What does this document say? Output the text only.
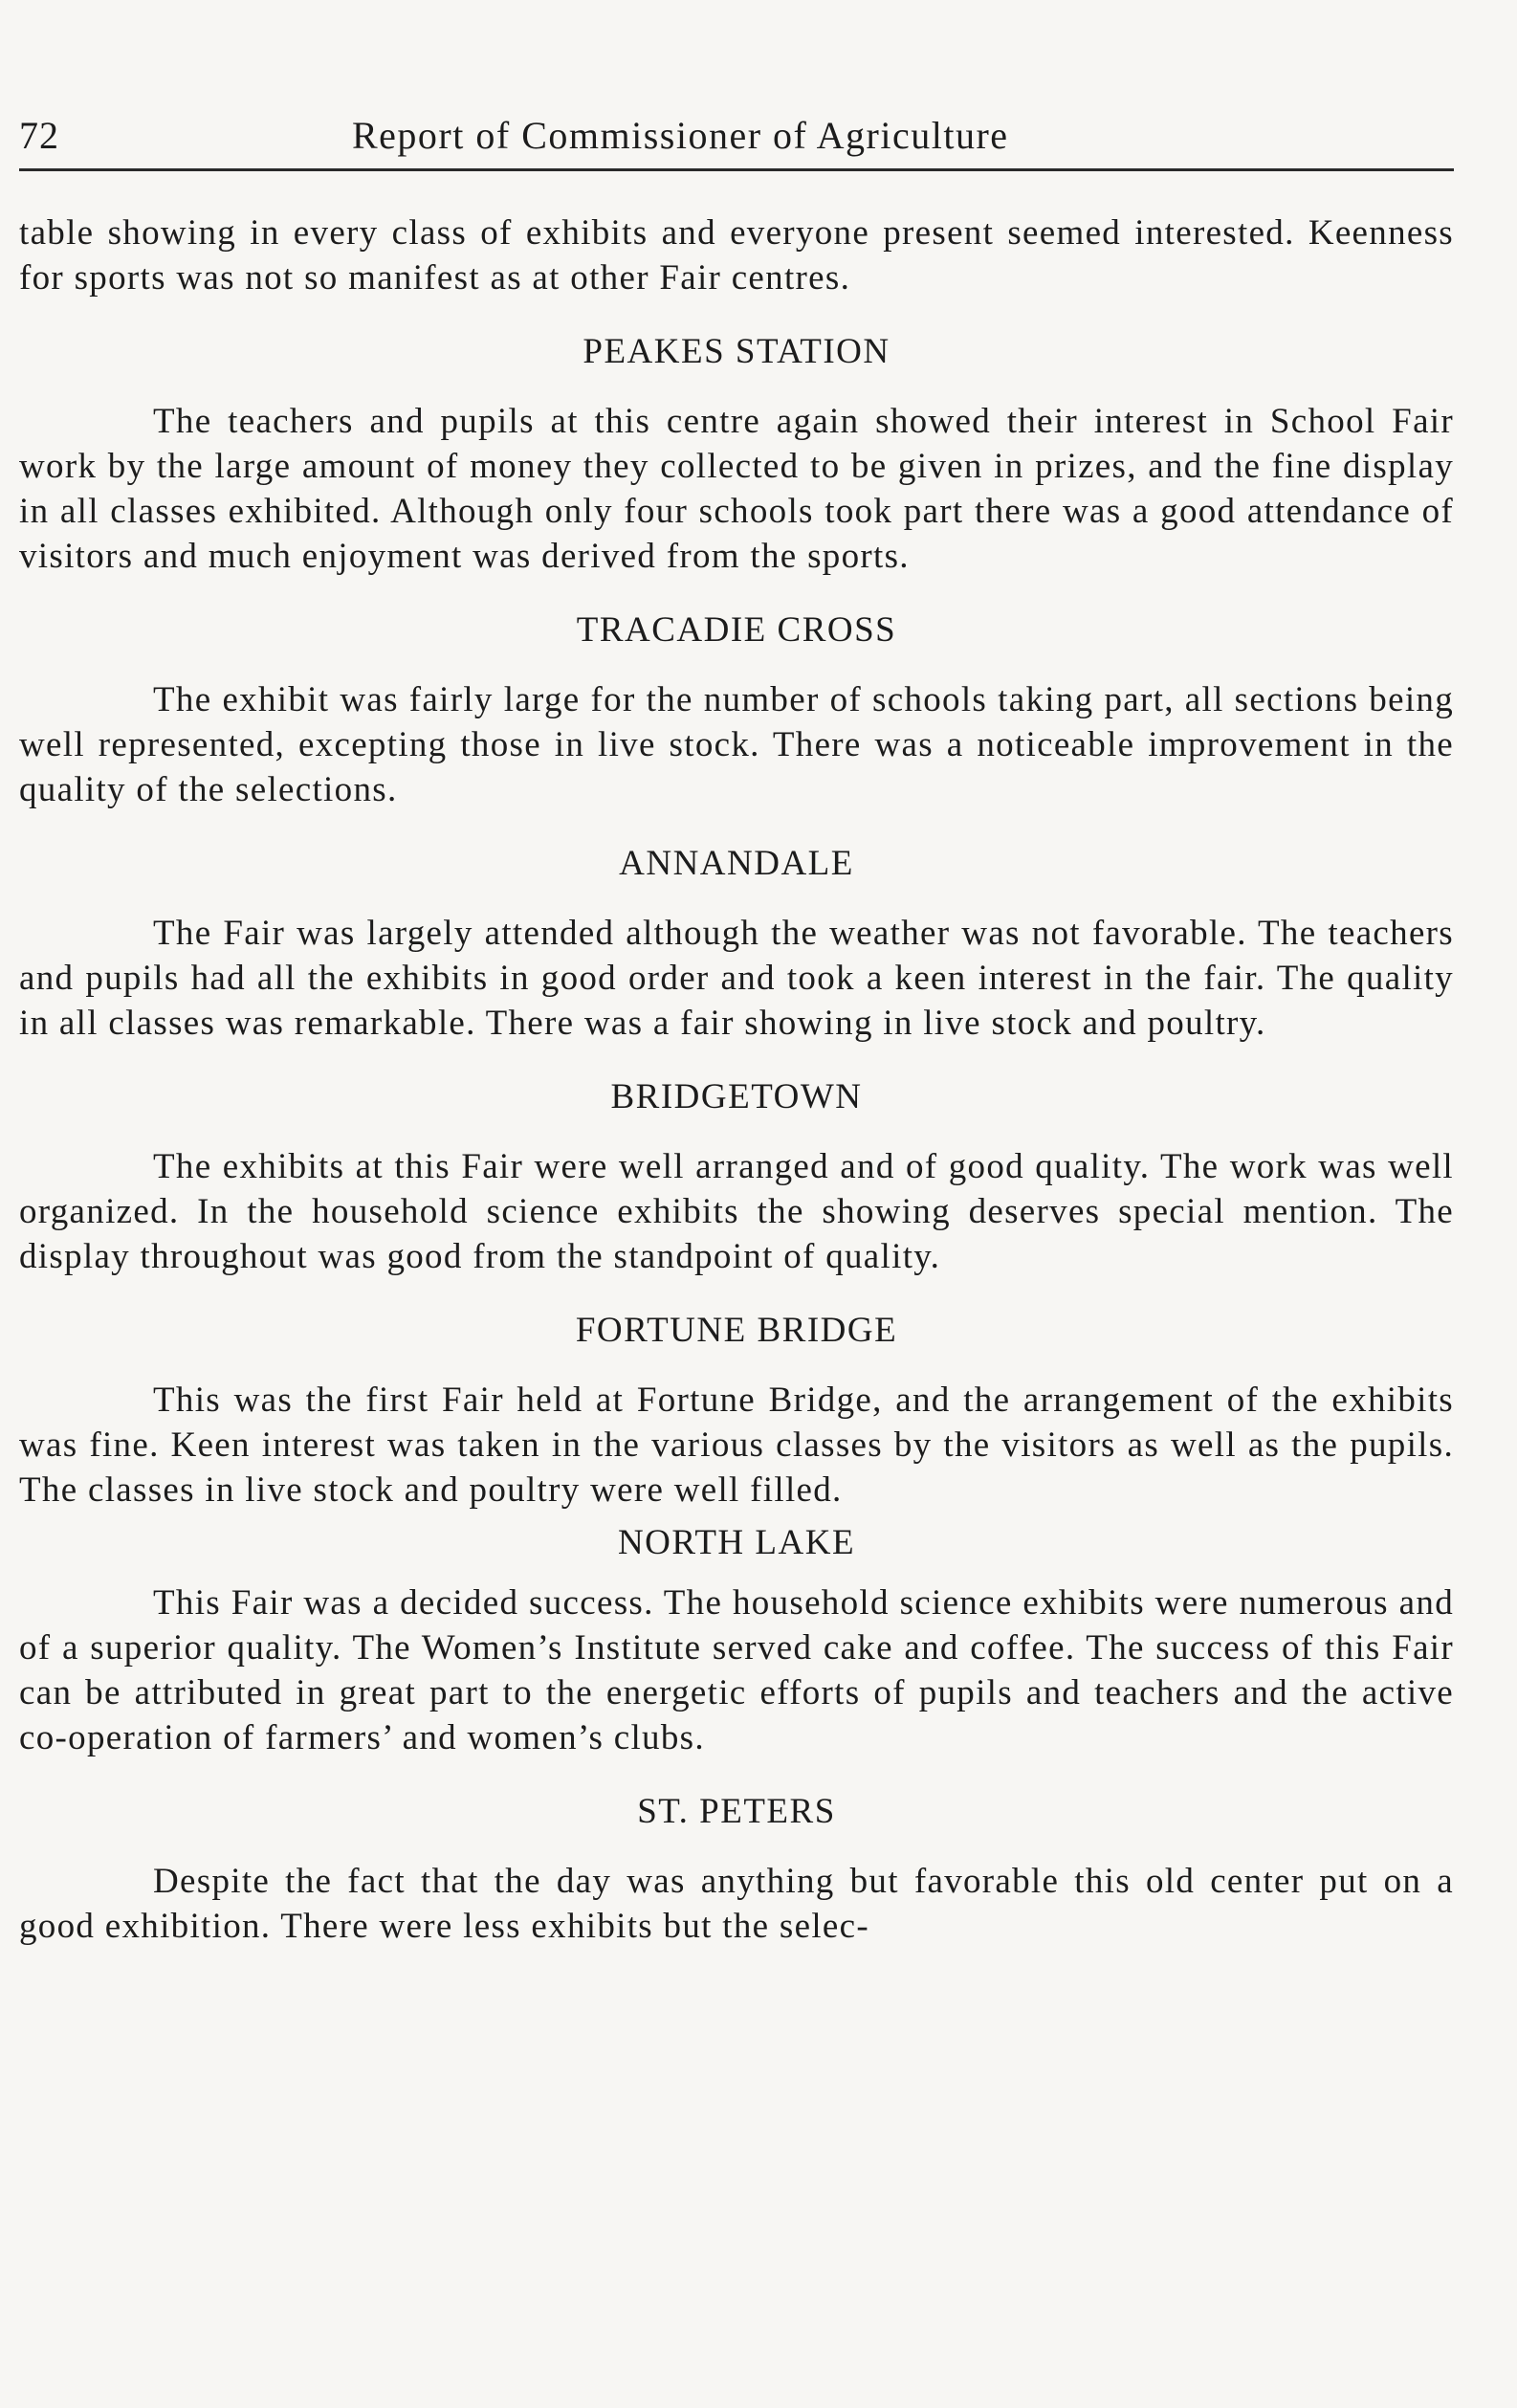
72	Report of Commissioner of Agriculture

table showing in every class of exhibits and everyone present seemed interested. Keenness for sports was not so manifest as at other Fair centres.

PEAKES STATION

The teachers and pupils at this centre again showed their interest in School Fair work by the large amount of money they collected to be given in prizes, and the fine display in all classes exhibited. Although only four schools took part there was a good attendance of visitors and much enjoyment was derived from the sports.

TRACADIE CROSS

The exhibit was fairly large for the number of schools taking part, all sections being well represented, excepting those in live stock. There was a noticeable improvement in the quality of the selections.

ANNANDALE

The Fair was largely attended although the weather was not favorable. The teachers and pupils had all the exhibits in good order and took a keen interest in the fair. The quality in all classes was remarkable. There was a fair showing in live stock and poultry.

BRIDGETOWN

The exhibits at this Fair were well arranged and of good quality. The work was well organized. In the household science exhibits the showing deserves special mention. The display throughout was good from the standpoint of quality.

FORTUNE BRIDGE

This was the first Fair held at Fortune Bridge, and the arrangement of the exhibits was fine. Keen interest was taken in the various classes by the visitors as well as the pupils. The classes in live stock and poultry were well filled.

NORTH LAKE

This Fair was a decided success. The household science exhibits were numerous and of a superior quality. The Women’s Institute served cake and coffee. The success of this Fair can be attributed in great part to the energetic efforts of pupils and teachers and the active co-operation of farmers’ and women’s clubs.

ST. PETERS

Despite the fact that the day was anything but favorable this old center put on a good exhibition. There were less exhibits but the selec-
